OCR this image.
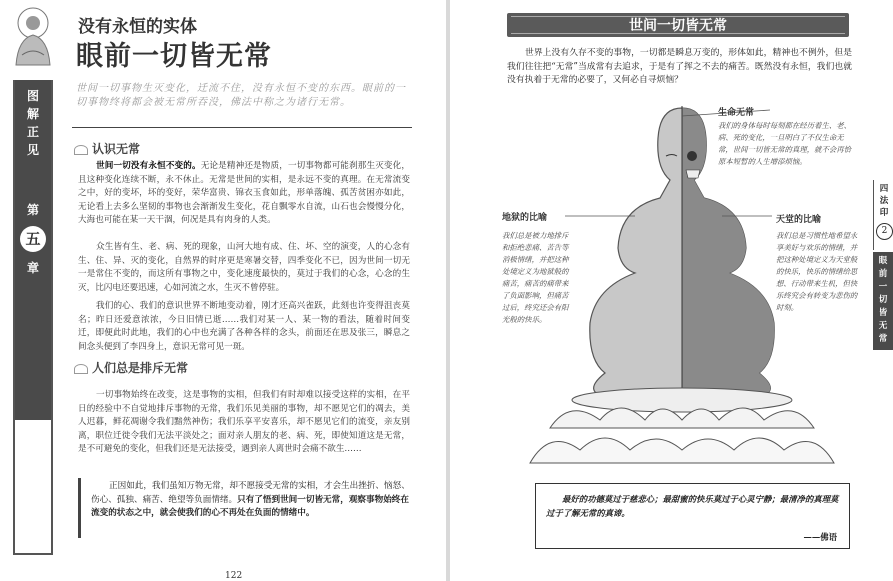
没有永恒的实体
眼前一切皆无常
图
解
正
见
第
五
章
世间一切事物生灭变化，迁流不住，没有永恒不变的东西。眼前的一切事物终将都会被无常所吞没，佛法中称之为诸行无常。
认识无常

世间一切没有永恒不变的。无论是精神还是物质，一切事物都可能刹那生灭变化，且这种变化连续不断，永不休止。无常是世间的实相，是永远不变的真理。在无常流变之中，好的变坏，坏的变好，荣华富贵、锦衣玉食如此，形单落魄、孤苦贫困亦如此，无论看上去多么坚韧的事物也会渐渐发生变化，花自飘零水自流，山石也会慢慢分化，大海也可能在某一天干涸，何况是具有肉身的人类。

众生皆有生、老、病、死的现象，山河大地有成、住、坏、空的演变，人的心念有生、住、异、灭的变化，自然界的时序更是寒暑交替，四季变化不已，因为世间一切无一是常住不变的，而这所有事物之中，变化速度最快的，莫过于我们的心念，心念的生灭，比闪电还要迅速，心如河流之水，生灭不曾停驻。

我们的心、我们的意识世界不断地变动着，刚才还高兴雀跃，此刻也许变得沮丧莫名；昨日还爱意浓浓，今日旧情已逝……我们对某一人、某一物的看法，随着时间变迁，即便此时此地，我们的心中也充满了各种各样的念头，前面还在思及张三，瞬息之间念头便到了李四身上，意识无常可见一斑。

人们总是排斥无常

一切事物始终在改变，这是事物的实相，但我们有时却难以接受这样的实相，在平日的经验中不自觉地排斥事物的无常，我们乐见美丽的事物，却不愿见它们的凋去，美人迟暮，鲜花凋谢令我们黯然神伤；我们乐享平安喜乐，却不愿见它们的流变，亲友别离，职位迁徙令我们无法平淡处之；面对亲人朋友的老、病、死，即使知道这是无常，是不可避免的变化，但我们还是无法接受，遇到亲人离世时会痛不欲生……

正因如此，我们虽知万物无常，却不愿接受无常的实相，才会生出挫折、恼怒、伤心、孤独、痛苦、绝望等负面情绪。只有了悟到世间一切皆无常，观察事物始终在流变的状态之中，就会使我们的心不再处在负面的情绪中。

122
世间一切皆无常

世界上没有久存不变的事物，一切都是瞬息万变的，形体如此，精神也不例外，但是我们往往把“无常”当成常有去追求，于是有了挥之不去的痛苦。既然没有永恒，我们也就没有执着于无常的必要了，又何必自寻烦恼？

生命无常

我们的身体每时每刻都在经历着生、老、病、死的变化，一旦明白了不仅生命无常，世间一切皆无常的真理，就不会再恰原本短暂的人生增添烦恼。

地狱的比喻

我们总是被力地排斥和拒绝悲痛、苦告等消极情绪，并把这种处境定义为地狱般的痛苦，痛苦的痛带来了负面影响，但痛苦过后，终究还会有阳光般的快乐。

天堂的比喻

我们总是习惯性地希望永享美好与欢乐的情绪，并把这种处境定义为天堂般的快乐，快乐的情绪给思想、行动带来生机，但快乐终究会有转变为悲伤的时刻。

最好的功德莫过于慈悲心；最甜蜜的快乐莫过于心灵宁静；最清净的真理莫过于了解无常的真谛。

——佛语
四
法
印
2
眼
前
一
切
皆
无
常
